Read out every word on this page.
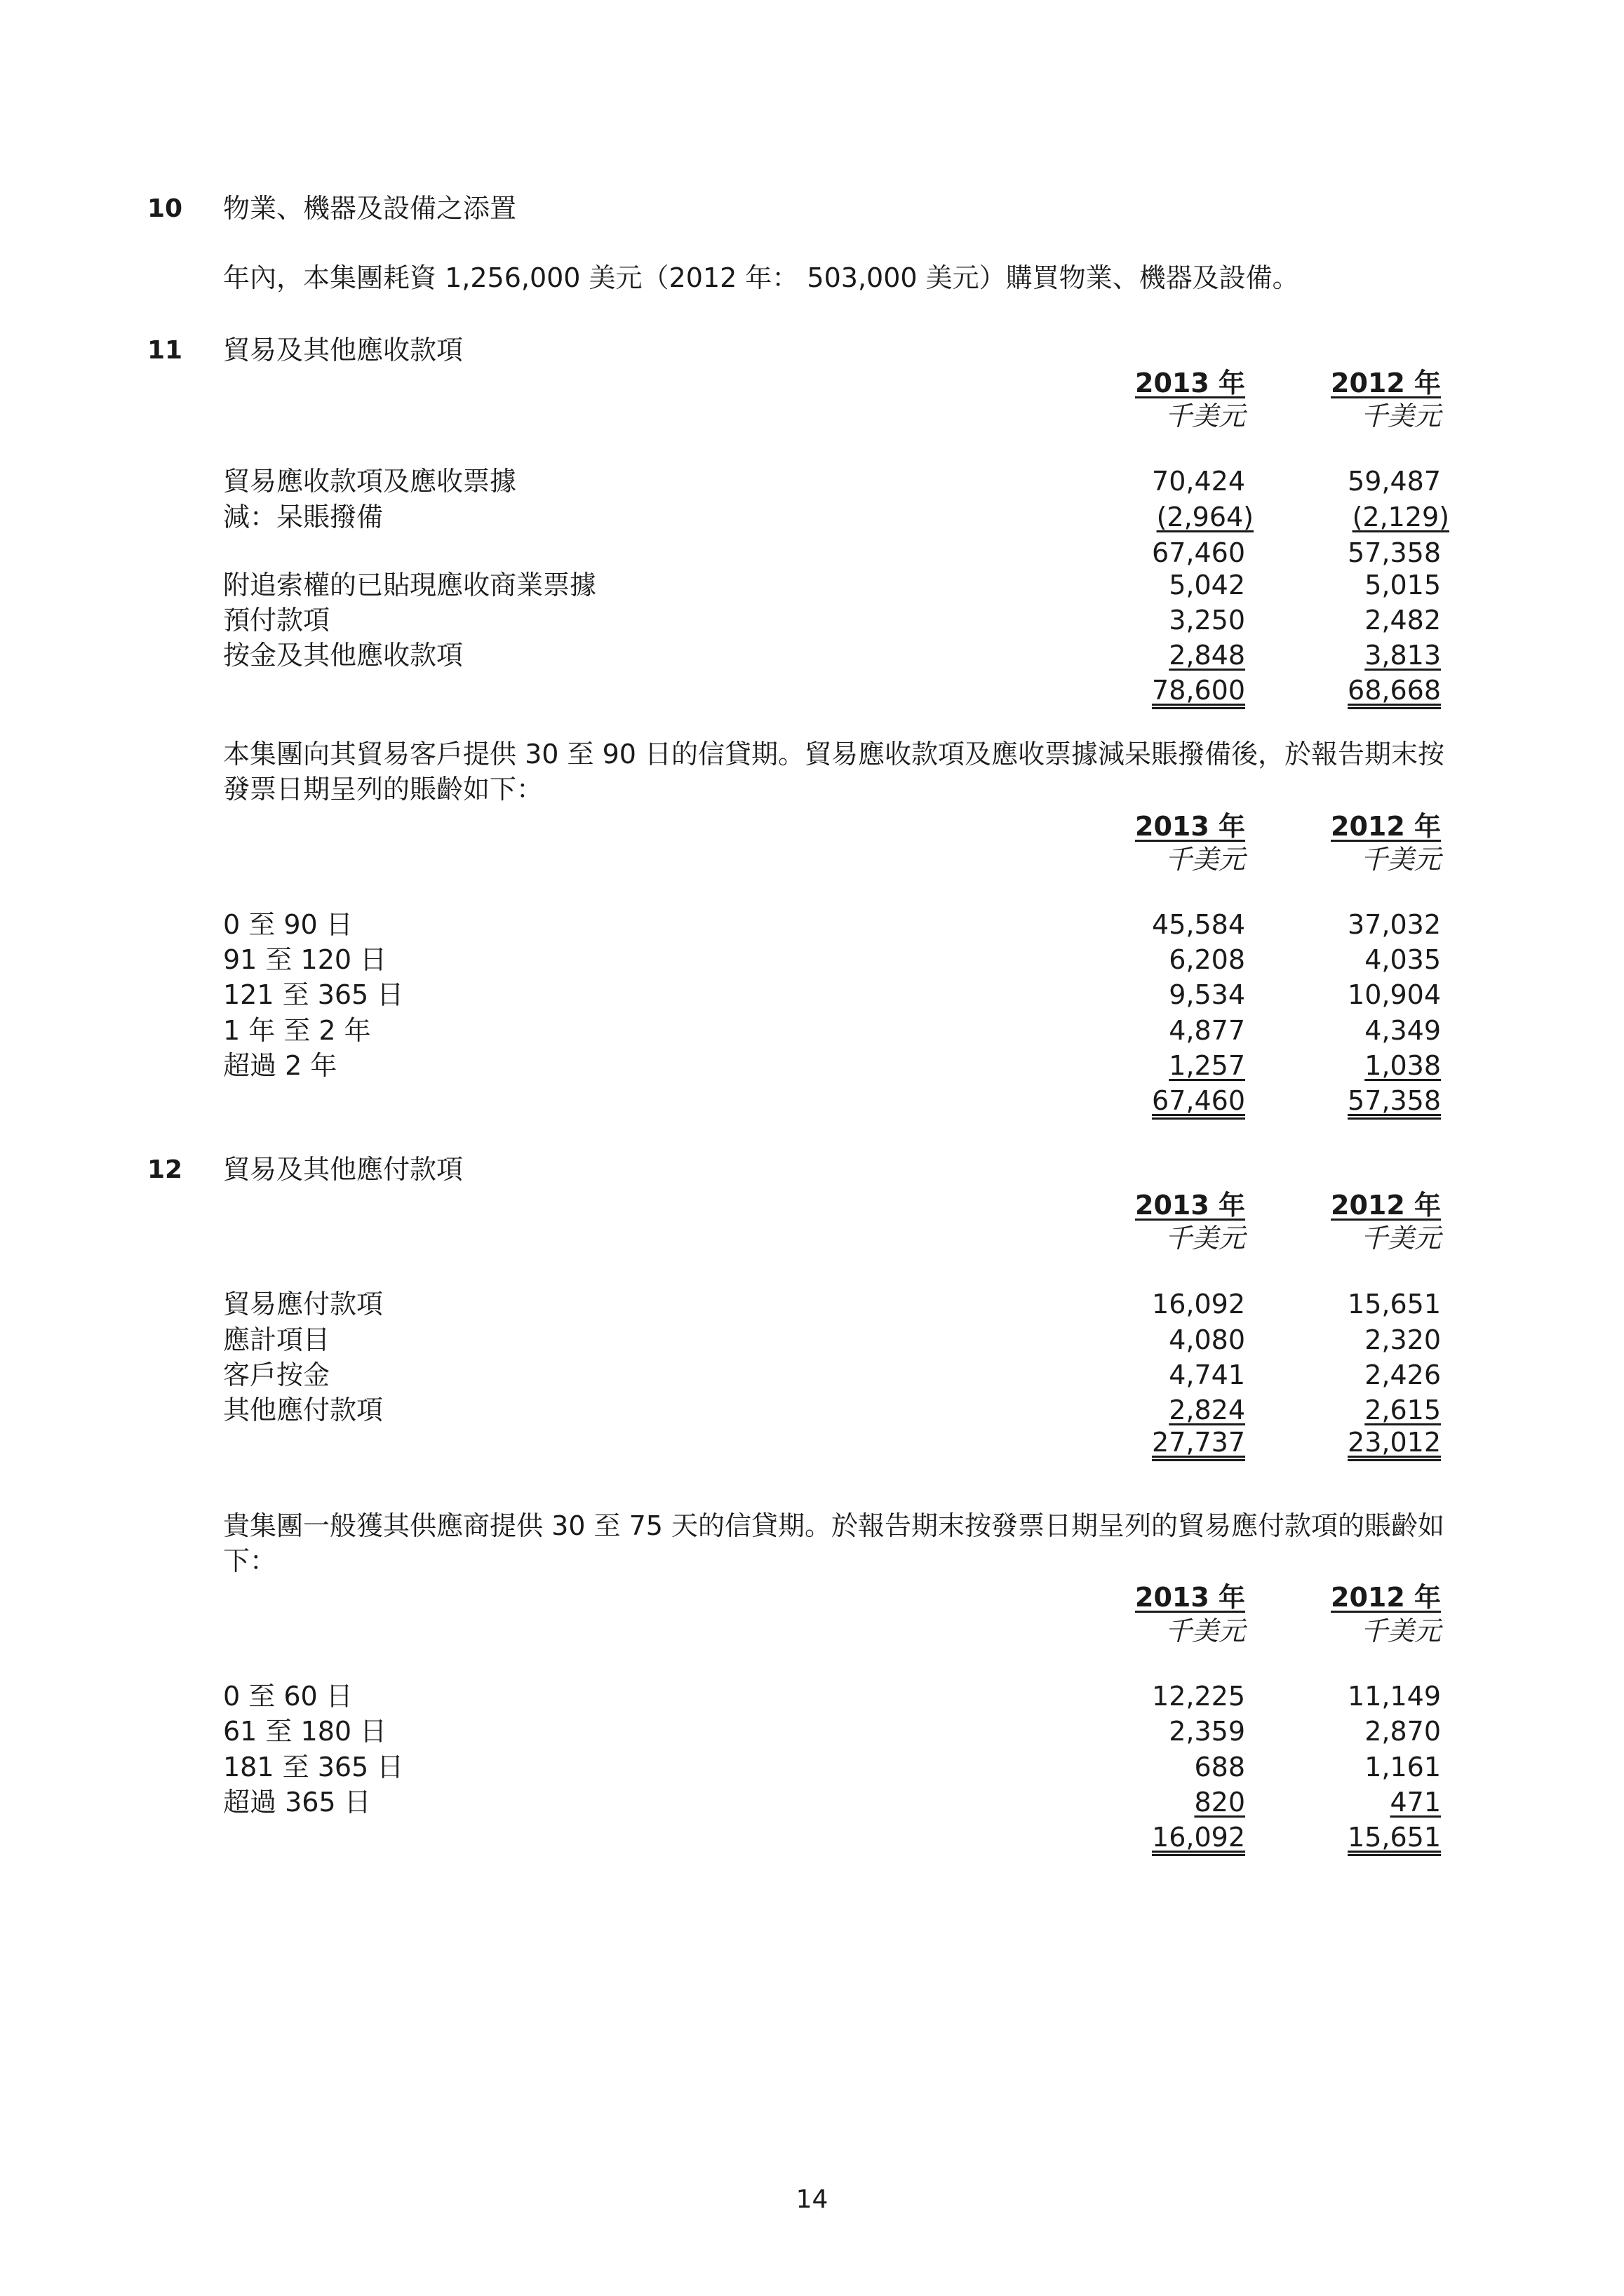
10 物業、機器及設備之添置
年內，本集團耗資 1,256,000 美元（2012 年： 503,000 美元）購買物業、機器及設備。
11 貿易及其他應收款項
2013 年	2012 年
千美元	千美元
貿易應收款項及應收票據	70,424	59,487
減：呆賬撥備	(2,964)	(2,129)
67,460	57,358
附追索權的已貼現應收商業票據	5,042	5,015
預付款項	3,250	2,482
按金及其他應收款項	2,848	3,813
78,600	68,668
本集團向其貿易客戶提供 30 至 90 日的信貸期。貿易應收款項及應收票據減呆賬撥備後，於報告期末按發票日期呈列的賬齡如下：
2013 年	2012 年
千美元	千美元
0 至 90 日	45,584	37,032
91 至 120 日	6,208	4,035
121 至 365 日	9,534	10,904
1 年 至 2 年	4,877	4,349
超過 2 年	1,257	1,038
67,460	57,358
12 貿易及其他應付款項
2013 年	2012 年
千美元	千美元
貿易應付款項	16,092	15,651
應計項目	4,080	2,320
客戶按金	4,741	2,426
其他應付款項	2,824	2,615
27,737	23,012
貴集團一般獲其供應商提供 30 至 75 天的信貸期。於報告期末按發票日期呈列的貿易應付款項的賬齡如下：
2013 年	2012 年
千美元	千美元
0 至 60 日	12,225	11,149
61 至 180 日	2,359	2,870
181 至 365 日	688	1,161
超過 365 日	820	471
16,092	15,651
14
